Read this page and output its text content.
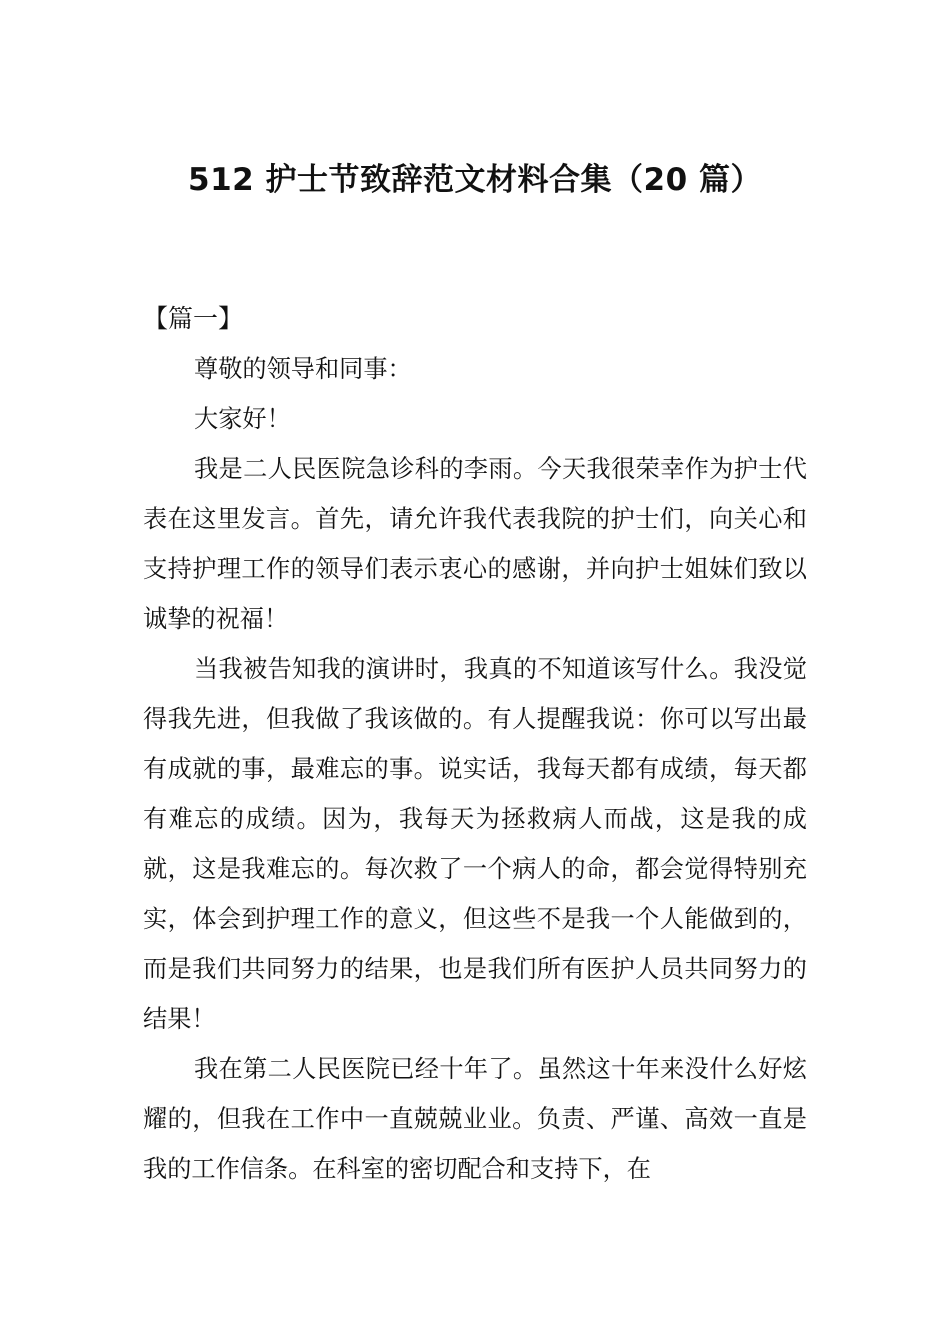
512 护士节致辞范文材料合集（20 篇）

【篇一】

尊敬的领导和同事：

大家好！

我是二人民医院急诊科的李雨。今天我很荣幸作为护士代表在这里发言。首先，请允许我代表我院的护士们，向关心和支持护理工作的领导们表示衷心的感谢，并向护士姐妹们致以诚挚的祝福！

当我被告知我的演讲时，我真的不知道该写什么。我没觉得我先进，但我做了我该做的。有人提醒我说：你可以写出最有成就的事，最难忘的事。说实话，我每天都有成绩，每天都有难忘的成绩。因为，我每天为拯救病人而战，这是我的成就，这是我难忘的。每次救了一个病人的命，都会觉得特别充实，体会到护理工作的意义，但这些不是我一个人能做到的，而是我们共同努力的结果，也是我们所有医护人员共同努力的结果！

我在第二人民医院已经十年了。虽然这十年来没什么好炫耀的，但我在工作中一直兢兢业业。负责、严谨、高效一直是我的工作信条。在科室的密切配合和支持下，在
